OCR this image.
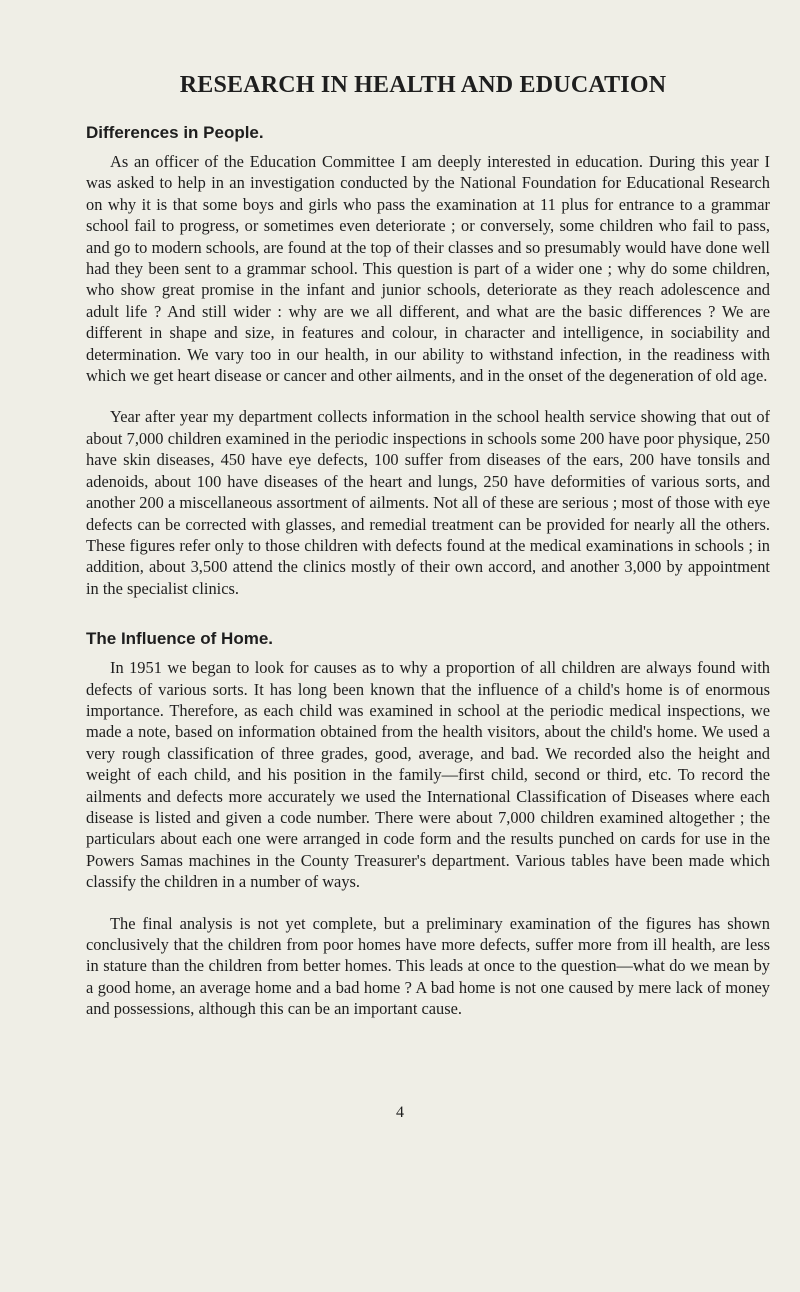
RESEARCH IN HEALTH AND EDUCATION
Differences in People.

As an officer of the Education Committee I am deeply interested in education. During this year I was asked to help in an investigation conducted by the National Foundation for Educational Research on why it is that some boys and girls who pass the examination at 11 plus for entrance to a grammar school fail to progress, or sometimes even deteriorate ; or conversely, some children who fail to pass, and go to modern schools, are found at the top of their classes and so presumably would have done well had they been sent to a grammar school. This question is part of a wider one ; why do some children, who show great promise in the infant and junior schools, deteriorate as they reach adolescence and adult life ? And still wider : why are we all different, and what are the basic differences ? We are different in shape and size, in features and colour, in character and intelligence, in sociability and determination. We vary too in our health, in our ability to withstand infection, in the readiness with which we get heart disease or cancer and other ailments, and in the onset of the degeneration of old age.

Year after year my department collects information in the school health service showing that out of about 7,000 children examined in the periodic inspections in schools some 200 have poor physique, 250 have skin diseases, 450 have eye defects, 100 suffer from diseases of the ears, 200 have tonsils and adenoids, about 100 have diseases of the heart and lungs, 250 have deformities of various sorts, and another 200 a miscellaneous assortment of ailments. Not all of these are serious ; most of those with eye defects can be corrected with glasses, and remedial treatment can be provided for nearly all the others. These figures refer only to those children with defects found at the medical examinations in schools ; in addition, about 3,500 attend the clinics mostly of their own accord, and another 3,000 by appointment in the specialist clinics.

The Influence of Home.

In 1951 we began to look for causes as to why a proportion of all children are always found with defects of various sorts. It has long been known that the influence of a child's home is of enormous importance. Therefore, as each child was examined in school at the periodic medical inspections, we made a note, based on information obtained from the health visitors, about the child's home. We used a very rough classification of three grades, good, average, and bad. We recorded also the height and weight of each child, and his position in the family—first child, second or third, etc. To record the ailments and defects more accurately we used the International Classification of Diseases where each disease is listed and given a code number. There were about 7,000 children examined altogether ; the particulars about each one were arranged in code form and the results punched on cards for use in the Powers Samas machines in the County Treasurer's department. Various tables have been made which classify the children in a number of ways.

The final analysis is not yet complete, but a preliminary examination of the figures has shown conclusively that the children from poor homes have more defects, suffer more from ill health, are less in stature than the children from better homes. This leads at once to the question—what do we mean by a good home, an average home and a bad home ? A bad home is not one caused by mere lack of money and possessions, although this can be an important cause.

4
